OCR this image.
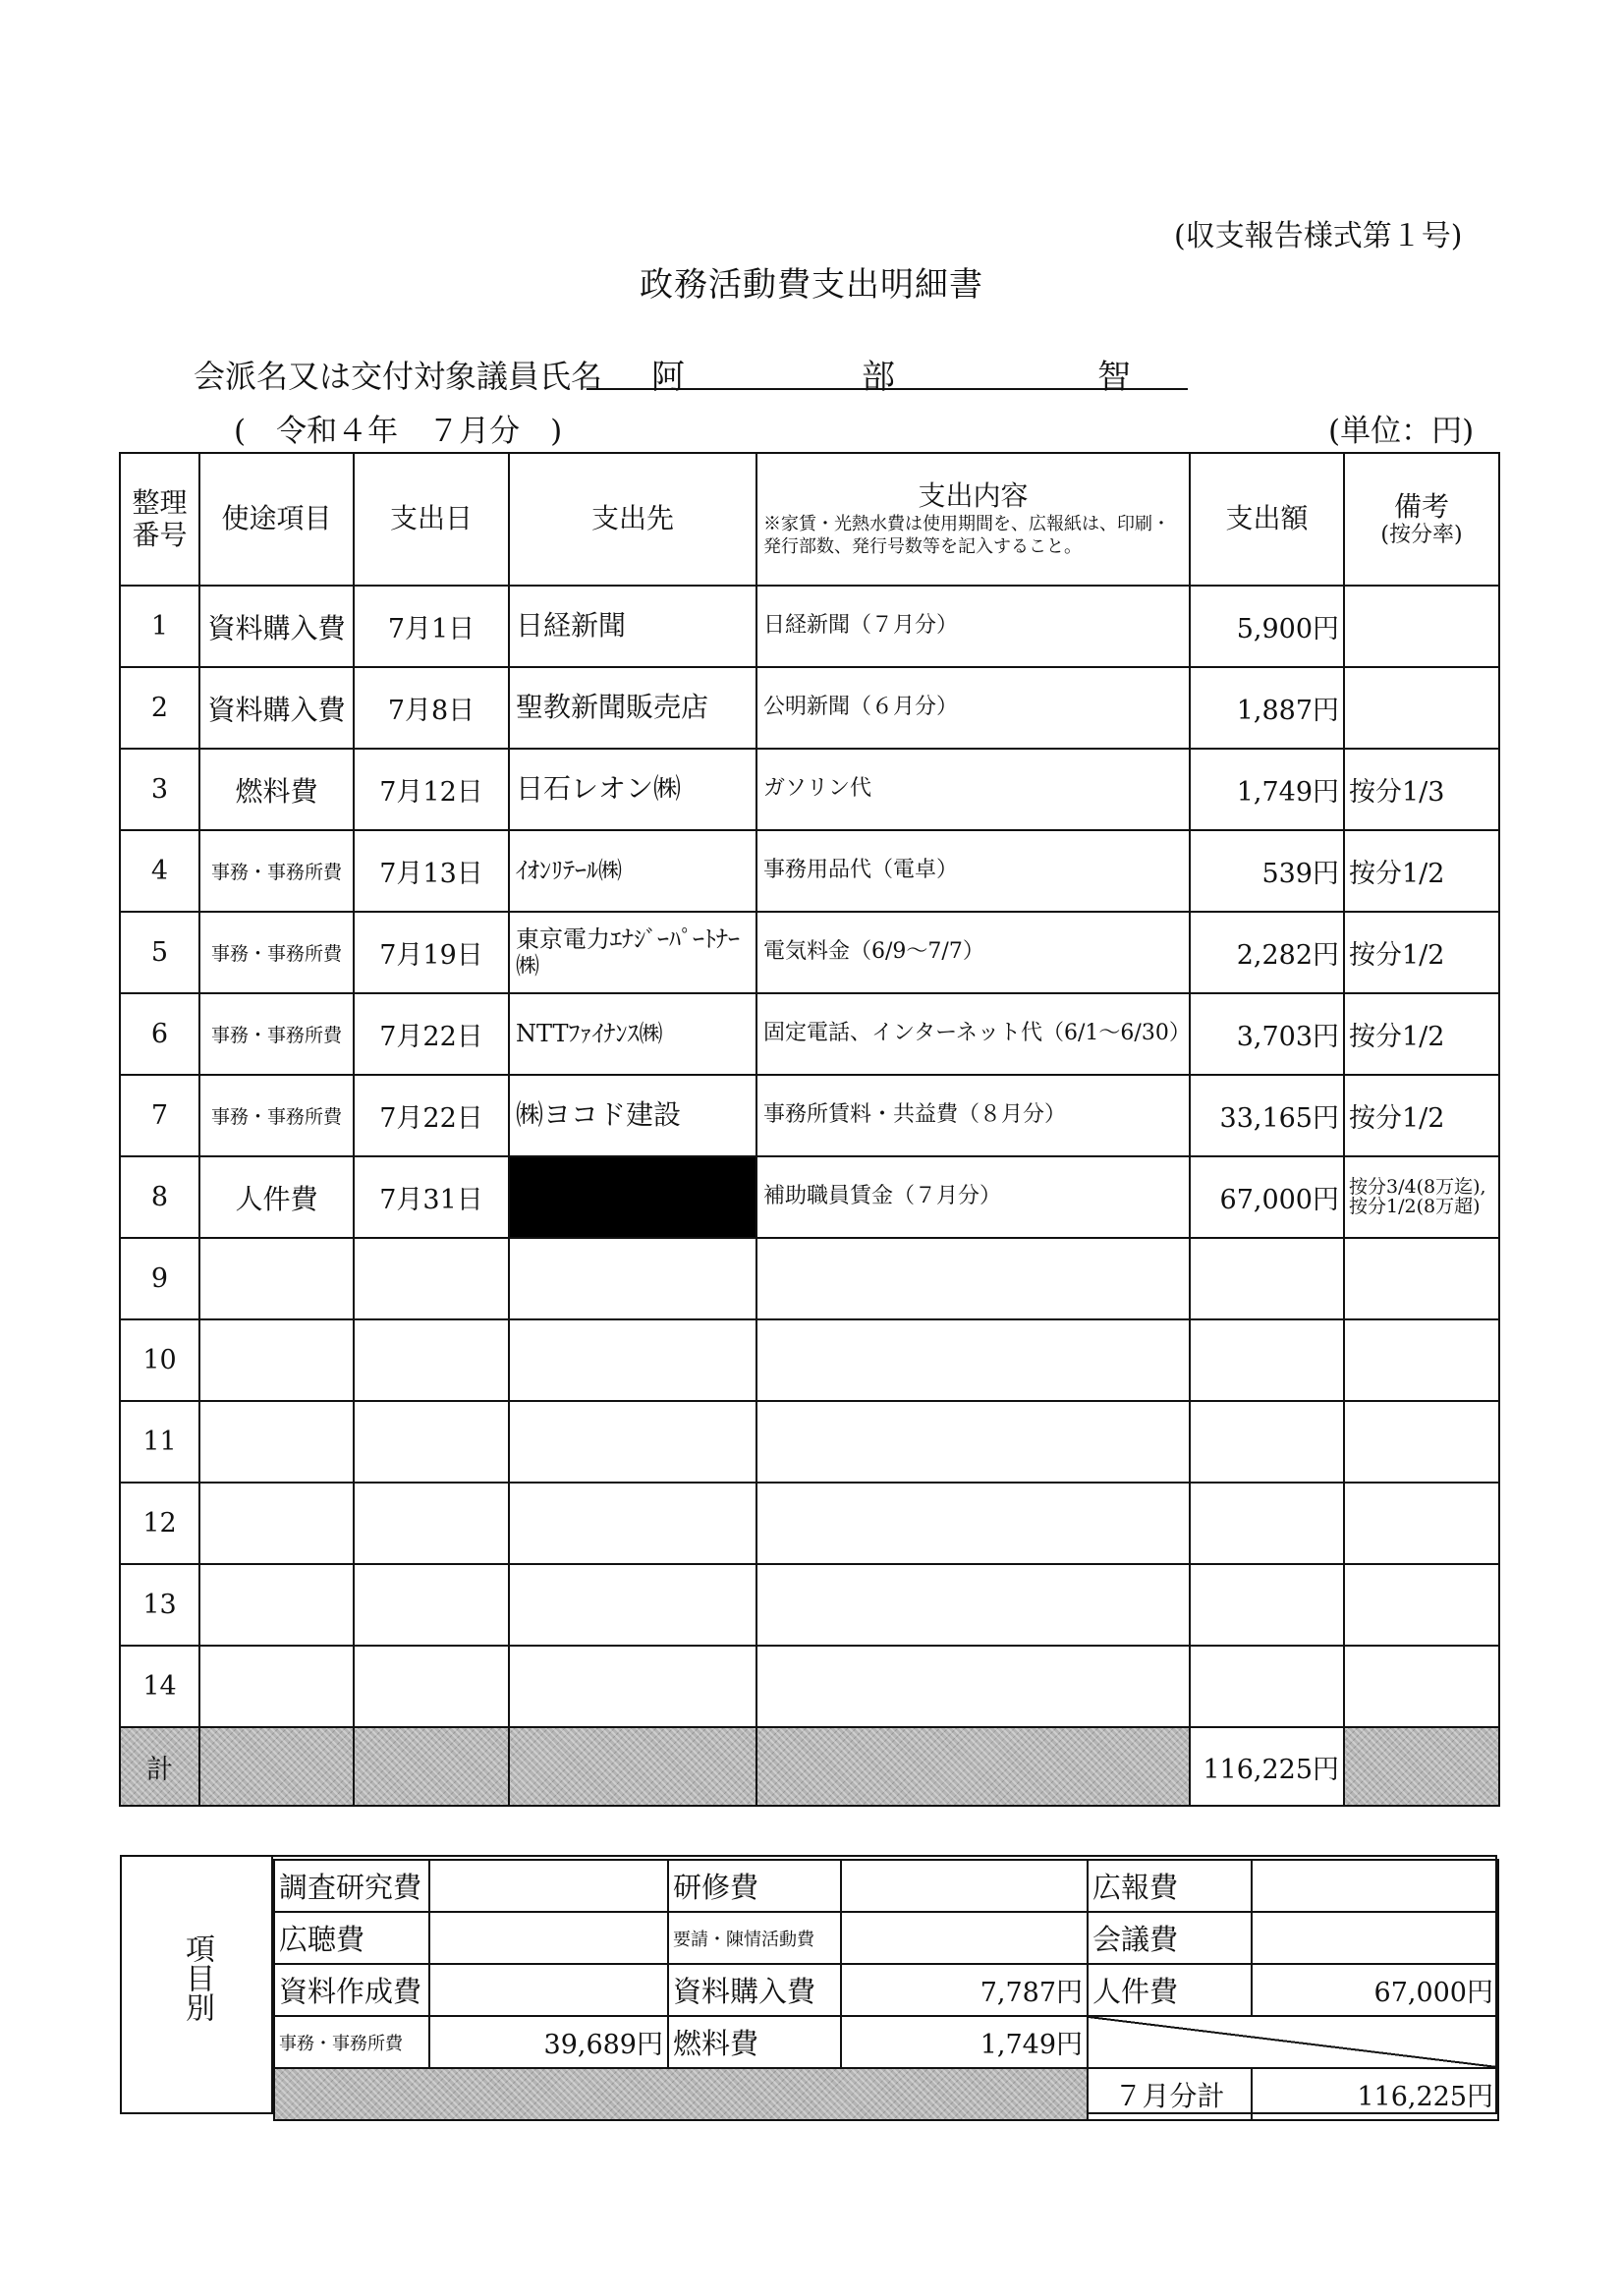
(収支報告様式第１号)
政務活動費支出明細書
会派名又は交付対象議員氏名 阿	部	智
(　令和４年　７月分　)	(単位：円)
整理
番号	使途項目	支出日	支出先	支出内容
※家賃・光熱水費は使用期間を、広報紙は、印刷・発行部数、発行号数等を記入すること。	支出額	備考
(按分率)

1	資料購入費	7月1日	日経新聞	日経新聞（７月分）	5,900円	
2	資料購入費	7月8日	聖教新聞販売店	公明新聞（６月分）	1,887円	
3	燃料費	7月12日	日石レオン㈱	ガソリン代	1,749円	按分1/3
4	事務・事務所費	7月13日	ｲｵﾝﾘﾃｰﾙ㈱	事務用品代（電卓）	539円	按分1/2
5	事務・事務所費	7月19日	東京電力ｴﾅｼﾞｰﾊﾟｰﾄﾅｰ㈱	電気料金（6/9～7/7）	2,282円	按分1/2
6	事務・事務所費	7月22日	NTTﾌｧｲﾅﾝｽ㈱	固定電話、インターネット代（6/1～6/30）	3,703円	按分1/2
7	事務・事務所費	7月22日	㈱ヨコド建設	事務所賃料・共益費（８月分）	33,165円	按分1/2
8	人件費	7月31日		補助職員賃金（７月分）	67,000円	按分3/4(8万迄),按分1/2(8万超)
9						
10						
11						
12						
13						
14						
計					116,225円	
項目別
調査研究費		研修費		広報費	
広聴費		要請・陳情活動費		会議費	
資料作成費		資料購入費	7,787円	人件費	67,000円
事務・事務所費	39,689円	燃料費	1,749円		
				７月分計	116,225円
